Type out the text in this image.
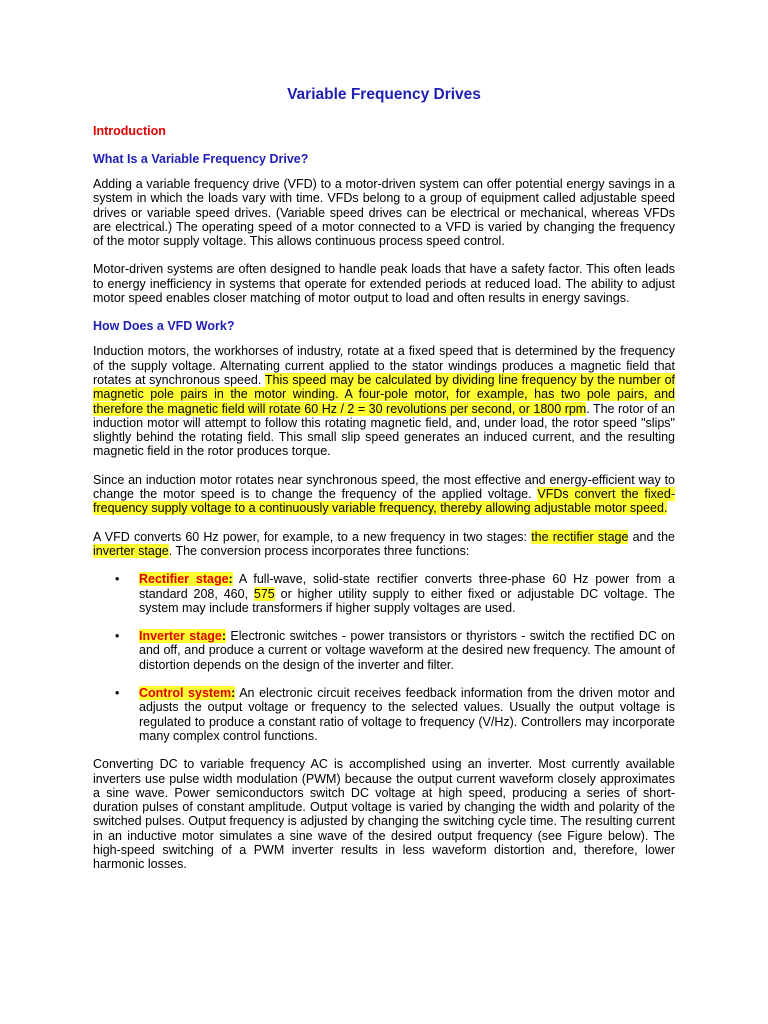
Variable Frequency Drives
Introduction
What Is a Variable Frequency Drive?

Adding a variable frequency drive (VFD) to a motor-driven system can offer potential energy savings in a system in which the loads vary with time. VFDs belong to a group of equipment called adjustable speed drives or variable speed drives. (Variable speed drives can be electrical or mechanical, whereas VFDs are electrical.) The operating speed of a motor connected to a VFD is varied by changing the frequency of the motor supply voltage. This allows continuous process speed control.

Motor-driven systems are often designed to handle peak loads that have a safety factor. This often leads to energy inefficiency in systems that operate for extended periods at reduced load. The ability to adjust motor speed enables closer matching of motor output to load and often results in energy savings.

How Does a VFD Work?

Induction motors, the workhorses of industry, rotate at a fixed speed that is determined by the frequency of the supply voltage. Alternating current applied to the stator windings produces a magnetic field that rotates at synchronous speed. This speed may be calculated by dividing line frequency by the number of magnetic pole pairs in the motor winding. A four-pole motor, for example, has two pole pairs, and therefore the magnetic field will rotate 60 Hz / 2 = 30 revolutions per second, or 1800 rpm. The rotor of an induction motor will attempt to follow this rotating magnetic field, and, under load, the rotor speed "slips" slightly behind the rotating field. This small slip speed generates an induced current, and the resulting magnetic field in the rotor produces torque.

Since an induction motor rotates near synchronous speed, the most effective and energy-efficient way to change the motor speed is to change the frequency of the applied voltage. VFDs convert the fixed-frequency supply voltage to a continuously variable frequency, thereby allowing adjustable motor speed.

A VFD converts 60 Hz power, for example, to a new frequency in two stages: the rectifier stage and the inverter stage. The conversion process incorporates three functions:

• Rectifier stage: A full-wave, solid-state rectifier converts three-phase 60 Hz power from a standard 208, 460, 575 or higher utility supply to either fixed or adjustable DC voltage. The system may include transformers if higher supply voltages are used.
• Inverter stage: Electronic switches - power transistors or thyristors - switch the rectified DC on and off, and produce a current or voltage waveform at the desired new frequency. The amount of distortion depends on the design of the inverter and filter.
• Control system: An electronic circuit receives feedback information from the driven motor and adjusts the output voltage or frequency to the selected values. Usually the output voltage is regulated to produce a constant ratio of voltage to frequency (V/Hz). Controllers may incorporate many complex control functions.

Converting DC to variable frequency AC is accomplished using an inverter. Most currently available inverters use pulse width modulation (PWM) because the output current waveform closely approximates a sine wave. Power semiconductors switch DC voltage at high speed, producing a series of short-duration pulses of constant amplitude. Output voltage is varied by changing the width and polarity of the switched pulses. Output frequency is adjusted by changing the switching cycle time. The resulting current in an inductive motor simulates a sine wave of the desired output frequency (see Figure below). The high-speed switching of a PWM inverter results in less waveform distortion and, therefore, lower harmonic losses.
